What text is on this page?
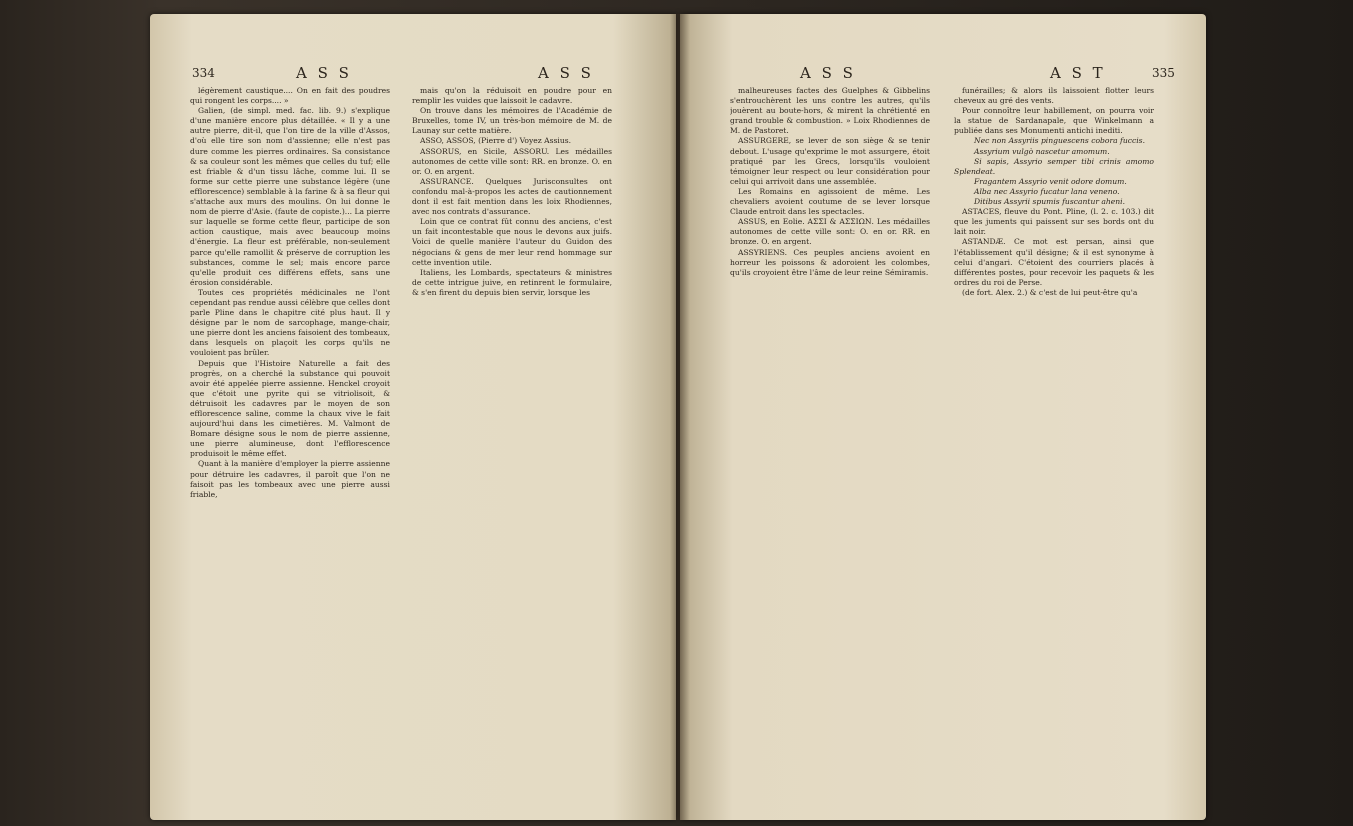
334	A S S	A S S

légèrement caustique.... On en fait des poudres qui rongent les corps.... »

Galien, (de simpl. med. fac. lib. 9.) s'explique d'une manière encore plus détaillée. « Il y a une autre pierre, dit-il, que l'on tire de la ville d'Assos, d'où elle tire son nom d'assienne; elle n'est pas dure comme les pierres ordinaires. Sa consistance & sa couleur sont les mêmes que celles du tuf; elle est friable & d'un tissu lâche, comme lui. Il se forme sur cette pierre une substance légère (une efflorescence) semblable à la farine & à sa fleur qui s'attache aux murs des moulins. On lui donne le nom de pierre d'Asie. (faute de copiste.)... La pierre sur laquelle se forme cette fleur, participe de son action caustique, mais avec beaucoup moins d'énergie. La fleur est préférable, non-seulement parce qu'elle ramollit & préserve de corruption les substances, comme le sel; mais encore parce qu'elle produit ces différens effets, sans une érosion considérable.

Toutes ces propriétés médicinales ne l'ont cependant pas rendue aussi célèbre que celles dont parle Pline dans le chapitre cité plus haut. Il y désigne par le nom de sarcophage, mange-chair, une pierre dont les anciens faisoient des tombeaux, dans lesquels on plaçoit les corps qu'ils ne vouloient pas brûler.

Depuis que l'Histoire Naturelle a fait des progrès, on a cherché la substance qui pouvoit avoir été appelée pierre assienne. Henckel croyoit que c'étoit une pyrite qui se vitriolisoit, & détruisoit les cadavres par le moyen de son efflorescence saline, comme la chaux vive le fait aujourd'hui dans les cimetières. M. Valmont de Bomare désigne sous le nom de pierre assienne, une pierre alumineuse, dont l'efflorescence produisoit le même effet.

Quant à la manière d'employer la pierre assienne pour détruire les cadavres, il paroît que l'on ne faisoit pas les tombeaux avec une pierre aussi friable,

mais qu'on la réduisoit en poudre pour en remplir les vuides que laissoit le cadavre.

On trouve dans les mémoires de l'Académie de Bruxelles, tome IV, un très-bon mémoire de M. de Launay sur cette matière.

ASSO, ASSOS, (Pierre d') Voyez Assius.

ASSORUS, en Sicile, ASSORU. Les médailles autonomes de cette ville sont: RR. en bronze. O. en or. O. en argent.

ASSURANCE. Quelques Jurisconsultes ont confondu mal-à-propos les actes de cautionnement dont il est fait mention dans les loix Rhodiennes, avec nos contrats d'assurance.

Loin que ce contrat fût connu des anciens, c'est un fait incontestable que nous le devons aux juifs. Voici de quelle manière l'auteur du Guidon des négocians & gens de mer leur rend hommage sur cette invention utile.

Italiens, les Lombards, spectateurs & ministres de cette intrigue juive, en retinrent le formulaire, & s'en firent du depuis bien servir, lorsque les

A S S	A S T	335

malheureuses factes des Guelphes & Gibbelins s'entrouchèrent les uns contre les autres, qu'ils jouèrent au boute-hors, & mirent la chrétienté en grand trouble & combustion. » Loix Rhodiennes de M. de Pastoret.

ASSURGERE, se lever de son siège & se tenir debout. L'usage qu'exprime le mot assurgere, étoit pratiqué par les Grecs, lorsqu'ils vouloient témoigner leur respect ou leur considération pour celui qui arrivoit dans une assemblée.

Les Romains en agissoient de même. Les chevaliers avoient coutume de se lever lorsque Claude entroit dans les spectacles.

ASSUS, en Eolie. ΑΣΣΙ & ΑΣΣΙΩΝ. Les médailles autonomes de cette ville sont: O. en or. RR. en bronze. O. en argent.

ASSYRIENS. Ces peuples anciens avoient en horreur les poissons & adoroient les colombes, qu'ils croyoient être l'âme de leur reine Sémiramis.

funérailles; & alors ils laissoient flotter leurs cheveux au gré des vents.

Pour connoître leur habillement, on pourra voir la statue de Sardanapale, que Winkelmann a publiée dans ses Monumenti antichi inediti.

Nec non Assyriis pinguescens cobora fuccis.

Assyrium vulgò nascetur amomum.

Si sapis, Assyrio semper tibi crinis amomo Splendeat.

Fragantem Assyrio venit odore domum.

Alba nec Assyrio fucatur lana veneno.

Ditibus Assyrii spumis fuscantur aheni.

ASTACES, fleuve du Pont. Pline, (l. 2. c. 103.) dit que les juments qui paissent sur ses bords ont du lait noir.

ASTANDÆ. Ce mot est persan, ainsi que l'établissement qu'il désigne; & il est synonyme à celui d'angari. C'étoient des courriers placés à différentes postes, pour recevoir les paquets & les ordres du roi de Perse.

(de fort. Alex. 2.) & c'est de lui peut-être qu'a
